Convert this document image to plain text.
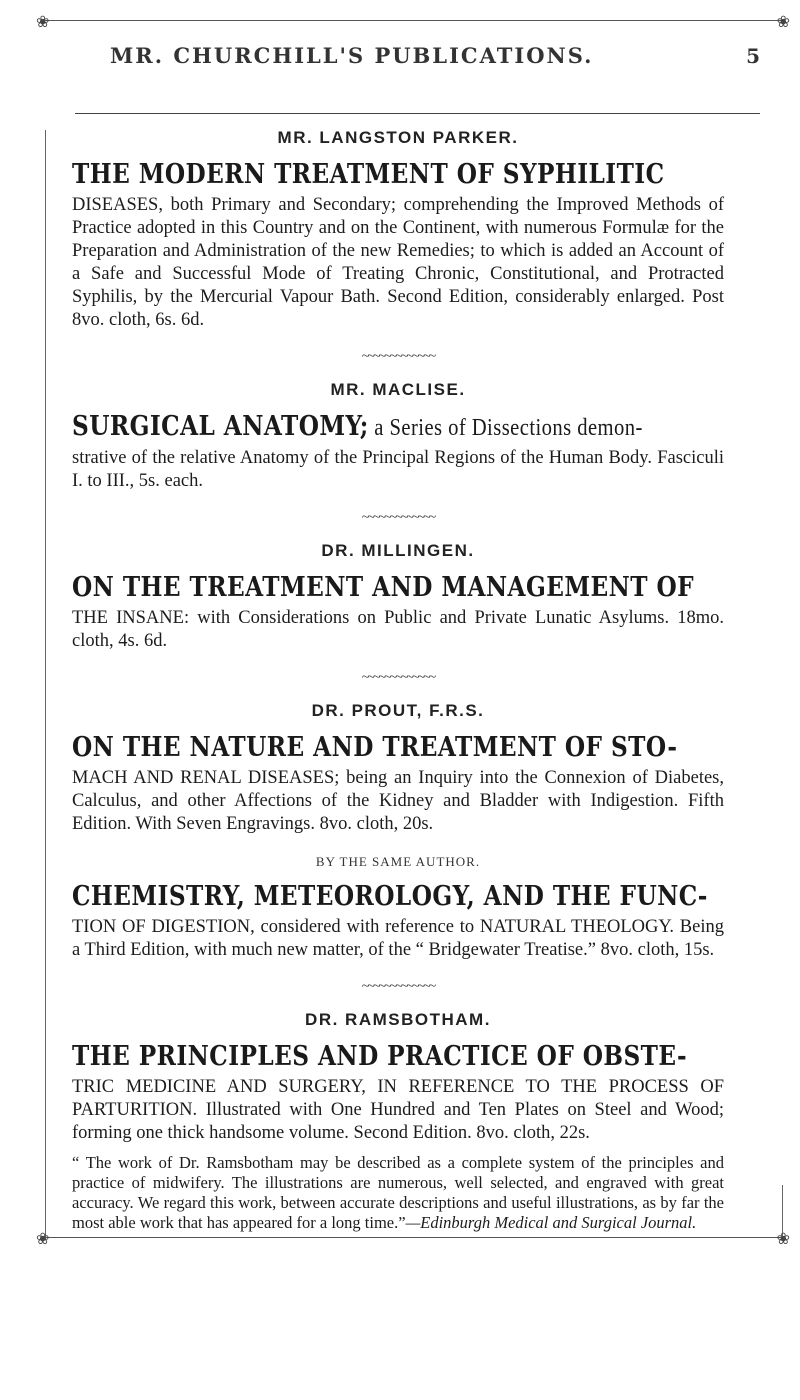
❀	❀
MR. CHURCHILL'S PUBLICATIONS.	5
MR. LANGSTON PARKER.
THE MODERN TREATMENT OF SYPHILITIC

DISEASES, both Primary and Secondary; comprehending the Improved Methods of Practice adopted in this Country and on the Continent, with numerous Formulæ for the Preparation and Administration of the new Remedies; to which is added an Account of a Safe and Successful Mode of Treating Chronic, Constitutional, and Protracted Syphilis, by the Mercurial Vapour Bath. Second Edition, considerably enlarged. Post 8vo. cloth, 6s. 6d.

~~~~~~~~~~~~~
MR. MACLISE.
SURGICAL ANATOMY; a Series of Dissections demon-

strative of the relative Anatomy of the Principal Regions of the Human Body. Fasciculi I. to III., 5s. each.

~~~~~~~~~~~~~
DR. MILLINGEN.
ON THE TREATMENT AND MANAGEMENT OF

THE INSANE: with Considerations on Public and Private Lunatic Asylums. 18mo. cloth, 4s. 6d.

~~~~~~~~~~~~~
DR. PROUT, F.R.S.
ON THE NATURE AND TREATMENT OF STO-

MACH AND RENAL DISEASES; being an Inquiry into the Connexion of Diabetes, Calculus, and other Affections of the Kidney and Bladder with Indigestion. Fifth Edition. With Seven Engravings. 8vo. cloth, 20s.

BY THE SAME AUTHOR.
CHEMISTRY, METEOROLOGY, AND THE FUNC-

TION OF DIGESTION, considered with reference to NATURAL THEOLOGY. Being a Third Edition, with much new matter, of the “ Bridgewater Treatise.” 8vo. cloth, 15s.

~~~~~~~~~~~~~
DR. RAMSBOTHAM.
THE PRINCIPLES AND PRACTICE OF OBSTE-

TRIC MEDICINE AND SURGERY, IN REFERENCE TO THE PROCESS OF PARTURITION. Illustrated with One Hundred and Ten Plates on Steel and Wood; forming one thick handsome volume. Second Edition. 8vo. cloth, 22s.

“ The work of Dr. Ramsbotham may be described as a complete system of the principles and practice of midwifery. The illustrations are numerous, well selected, and engraved with great accuracy. We regard this work, between accurate descriptions and useful illustrations, as by far the most able work that has appeared for a long time.”—Edinburgh Medical and Surgical Journal.

❀	❀
